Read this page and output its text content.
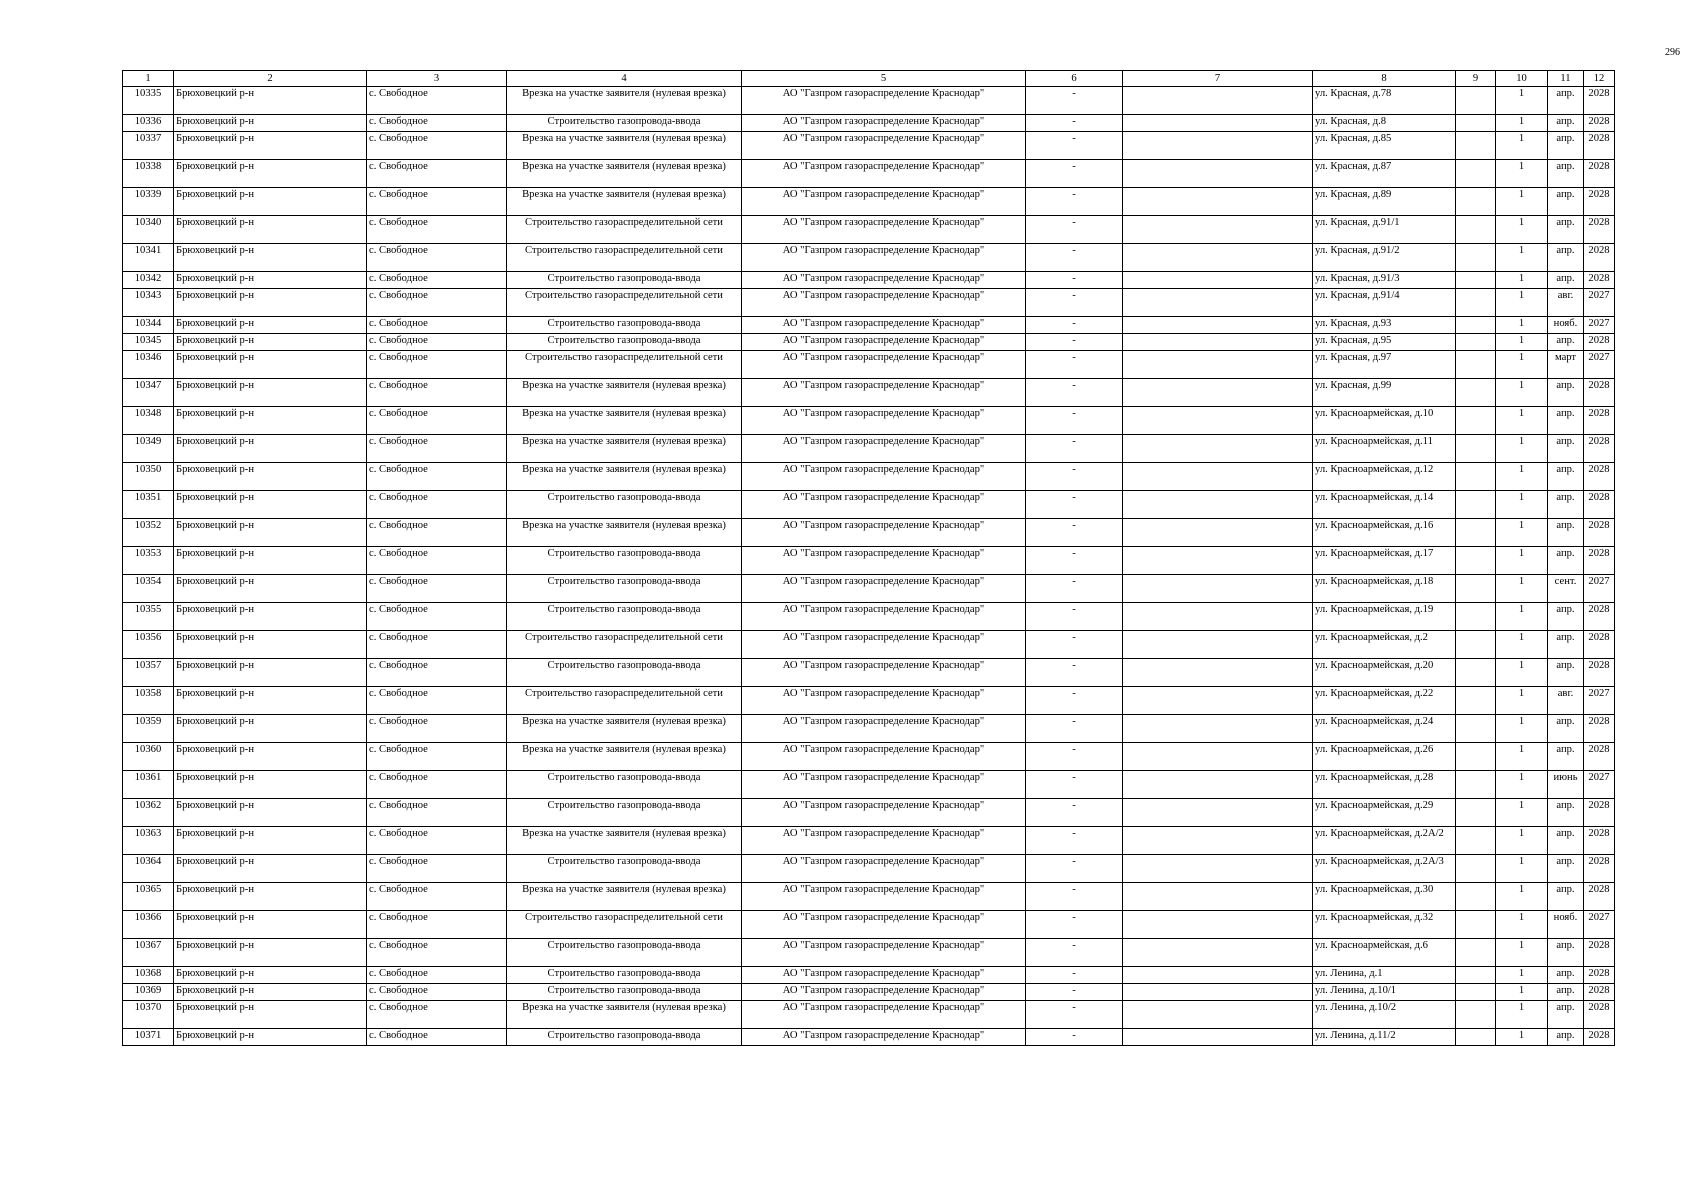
296
1	2	3	4	5	6	7	8	9	10	11	12
10335	Брюховецкий р-н	с. Свободное	Врезка на участке заявителя (нулевая врезка)	АО "Газпром газораспределение Краснодар"	-		ул. Красная, д.78		1	апр.	2028
10336	Брюховецкий р-н	с. Свободное	Строительство газопровода-ввода	АО "Газпром газораспределение Краснодар"	-		ул. Красная, д.8		1	апр.	2028
10337	Брюховецкий р-н	с. Свободное	Врезка на участке заявителя (нулевая врезка)	АО "Газпром газораспределение Краснодар"	-		ул. Красная, д.85		1	апр.	2028
10338	Брюховецкий р-н	с. Свободное	Врезка на участке заявителя (нулевая врезка)	АО "Газпром газораспределение Краснодар"	-		ул. Красная, д.87		1	апр.	2028
10339	Брюховецкий р-н	с. Свободное	Врезка на участке заявителя (нулевая врезка)	АО "Газпром газораспределение Краснодар"	-		ул. Красная, д.89		1	апр.	2028
10340	Брюховецкий р-н	с. Свободное	Строительство газораспределительной сети	АО "Газпром газораспределение Краснодар"	-		ул. Красная, д.91/1		1	апр.	2028
10341	Брюховецкий р-н	с. Свободное	Строительство газораспределительной сети	АО "Газпром газораспределение Краснодар"	-		ул. Красная, д.91/2		1	апр.	2028
10342	Брюховецкий р-н	с. Свободное	Строительство газопровода-ввода	АО "Газпром газораспределение Краснодар"	-		ул. Красная, д.91/3		1	апр.	2028
10343	Брюховецкий р-н	с. Свободное	Строительство газораспределительной сети	АО "Газпром газораспределение Краснодар"	-		ул. Красная, д.91/4		1	авг.	2027
10344	Брюховецкий р-н	с. Свободное	Строительство газопровода-ввода	АО "Газпром газораспределение Краснодар"	-		ул. Красная, д.93		1	нояб.	2027
10345	Брюховецкий р-н	с. Свободное	Строительство газопровода-ввода	АО "Газпром газораспределение Краснодар"	-		ул. Красная, д.95		1	апр.	2028
10346	Брюховецкий р-н	с. Свободное	Строительство газораспределительной сети	АО "Газпром газораспределение Краснодар"	-		ул. Красная, д.97		1	март	2027
10347	Брюховецкий р-н	с. Свободное	Врезка на участке заявителя (нулевая врезка)	АО "Газпром газораспределение Краснодар"	-		ул. Красная, д.99		1	апр.	2028
10348	Брюховецкий р-н	с. Свободное	Врезка на участке заявителя (нулевая врезка)	АО "Газпром газораспределение Краснодар"	-		ул. Красноармейская, д.10		1	апр.	2028
10349	Брюховецкий р-н	с. Свободное	Врезка на участке заявителя (нулевая врезка)	АО "Газпром газораспределение Краснодар"	-		ул. Красноармейская, д.11		1	апр.	2028
10350	Брюховецкий р-н	с. Свободное	Врезка на участке заявителя (нулевая врезка)	АО "Газпром газораспределение Краснодар"	-		ул. Красноармейская, д.12		1	апр.	2028
10351	Брюховецкий р-н	с. Свободное	Строительство газопровода-ввода	АО "Газпром газораспределение Краснодар"	-		ул. Красноармейская, д.14		1	апр.	2028
10352	Брюховецкий р-н	с. Свободное	Врезка на участке заявителя (нулевая врезка)	АО "Газпром газораспределение Краснодар"	-		ул. Красноармейская, д.16		1	апр.	2028
10353	Брюховецкий р-н	с. Свободное	Строительство газопровода-ввода	АО "Газпром газораспределение Краснодар"	-		ул. Красноармейская, д.17		1	апр.	2028
10354	Брюховецкий р-н	с. Свободное	Строительство газопровода-ввода	АО "Газпром газораспределение Краснодар"	-		ул. Красноармейская, д.18		1	сент.	2027
10355	Брюховецкий р-н	с. Свободное	Строительство газопровода-ввода	АО "Газпром газораспределение Краснодар"	-		ул. Красноармейская, д.19		1	апр.	2028
10356	Брюховецкий р-н	с. Свободное	Строительство газораспределительной сети	АО "Газпром газораспределение Краснодар"	-		ул. Красноармейская, д.2		1	апр.	2028
10357	Брюховецкий р-н	с. Свободное	Строительство газопровода-ввода	АО "Газпром газораспределение Краснодар"	-		ул. Красноармейская, д.20		1	апр.	2028
10358	Брюховецкий р-н	с. Свободное	Строительство газораспределительной сети	АО "Газпром газораспределение Краснодар"	-		ул. Красноармейская, д.22		1	авг.	2027
10359	Брюховецкий р-н	с. Свободное	Врезка на участке заявителя (нулевая врезка)	АО "Газпром газораспределение Краснодар"	-		ул. Красноармейская, д.24		1	апр.	2028
10360	Брюховецкий р-н	с. Свободное	Врезка на участке заявителя (нулевая врезка)	АО "Газпром газораспределение Краснодар"	-		ул. Красноармейская, д.26		1	апр.	2028
10361	Брюховецкий р-н	с. Свободное	Строительство газопровода-ввода	АО "Газпром газораспределение Краснодар"	-		ул. Красноармейская, д.28		1	июнь	2027
10362	Брюховецкий р-н	с. Свободное	Строительство газопровода-ввода	АО "Газпром газораспределение Краснодар"	-		ул. Красноармейская, д.29		1	апр.	2028
10363	Брюховецкий р-н	с. Свободное	Врезка на участке заявителя (нулевая врезка)	АО "Газпром газораспределение Краснодар"	-		ул. Красноармейская, д.2А/2		1	апр.	2028
10364	Брюховецкий р-н	с. Свободное	Строительство газопровода-ввода	АО "Газпром газораспределение Краснодар"	-		ул. Красноармейская, д.2А/3		1	апр.	2028
10365	Брюховецкий р-н	с. Свободное	Врезка на участке заявителя (нулевая врезка)	АО "Газпром газораспределение Краснодар"	-		ул. Красноармейская, д.30		1	апр.	2028
10366	Брюховецкий р-н	с. Свободное	Строительство газораспределительной сети	АО "Газпром газораспределение Краснодар"	-		ул. Красноармейская, д.32		1	нояб.	2027
10367	Брюховецкий р-н	с. Свободное	Строительство газопровода-ввода	АО "Газпром газораспределение Краснодар"	-		ул. Красноармейская, д.6		1	апр.	2028
10368	Брюховецкий р-н	с. Свободное	Строительство газопровода-ввода	АО "Газпром газораспределение Краснодар"	-		ул. Ленина, д.1		1	апр.	2028
10369	Брюховецкий р-н	с. Свободное	Строительство газопровода-ввода	АО "Газпром газораспределение Краснодар"	-		ул. Ленина, д.10/1		1	апр.	2028
10370	Брюховецкий р-н	с. Свободное	Врезка на участке заявителя (нулевая врезка)	АО "Газпром газораспределение Краснодар"	-		ул. Ленина, д.10/2		1	апр.	2028
10371	Брюховецкий р-н	с. Свободное	Строительство газопровода-ввода	АО "Газпром газораспределение Краснодар"	-		ул. Ленина, д.11/2		1	апр.	2028
